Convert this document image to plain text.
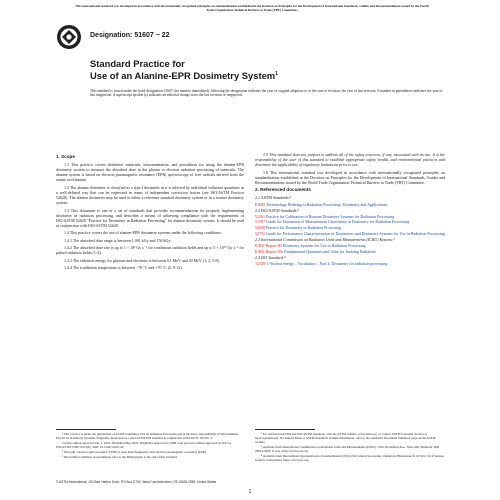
This international standard was developed in accordance with internationally recognized principles on standardization established in the Decision on Principles for the Development of International Standards, Guides and Recommendations issued by the World Trade Organization Technical Barriers to Trade (TBT) Committee.
Designation: 51607 − 22
Standard Practice for
Use of an Alanine-EPR Dosimetry System$^1$
This standard is issued under the fixed designation 51607; the number immediately following the designation indicates the year of original adoption or, in the case of revision, the year of last revision. A number in parentheses indicates the year of last reapproval. A superscript epsilon (ε) indicates an editorial change since the last revision or reapproval.
1. Scope

1.1 This practice covers dosimeter materials, instrumentation, and procedures for using the alanine-EPR dosimetry system to measure the absorbed dose in the photon or electron radiation processing of materials. The alanine system is based on electron paramagnetic resonance (EPR) spectroscopy of free radicals derived from the amino acid alanine.

1.2 The alanine dosimeter is classified as a type I dosimeter as it is affected by individual influence quantities in a well-defined way that can be expressed in terms of independent correction factors (see ISO/ASTM Practice 52628). The alanine dosimeter may be used in either a reference standard dosimetry system or in a routine dosimetry system.

1.3 This document is one of a set of standards that provides recommendations for properly implementing dosimetry in radiation processing, and describes a means of achieving compliance with the requirements of ISO/ASTM 52628 "Practice for Dosimetry in Radiation Processing" for alanine dosimetry system. It should be read in conjunction with ISO/ASTM 52628.

1.4 This practice covers the use of alanine-EPR dosimetry systems under the following conditions:

1.4.1 The absorbed dose range is between 1.001 kGy and 150 kGy.

1.4.2 The absorbed dose rate is up to 1 × 10² Gy s⁻¹ for continuous radiation fields and up to 5 × 10¹⁰ Gy s⁻¹ for pulsed radiation fields (1-4).

1.4.3 The radiation energy for photons and electrons is between 0.1 MeV and 30 MeV (1, 2, 5-8).

1.4.4 The irradiation temperature is between −78 °C and +70 °C (2, 9-12).

1.5 This standard does not purport to address all of the safety concerns, if any, associated with its use. It is the responsibility of the user of this standard to establish appropriate safety, health, and environmental practices and determine the applicability of regulatory limitations prior to use.

1.6 This international standard was developed in accordance with internationally recognized principles on standardization established in the Decision on Principles for the Development of International Standards, Guides and Recommendations issued by the World Trade Organization Technical Barriers to Trade (TBT) Committee.

2. Referenced documents
2.1 ASTM Standards:²
E3083 Terminology Relating to Radiation Processing: Dosimetry and Applications
2.2 ISO/ASTM Standards:²
51261 Practice for Calibration of Routine Dosimetry Systems for Radiation Processing
51707 Guide for Estimation of Measurement Uncertainty in Dosimetry for Radiation Processing
52628 Practice for Dosimetry in Radiation Processing
52701 Guide for Performance Characterization of Dosimeters and Dosimetry Systems for Use in Radiation Processing
2.3 International Commission on Radiation Units and Measurements (ICRU) Reports:³
ICRU Report 80 Dosimetry Systems for Use in Radiation Processing
ICRU Report 85a Fundamental Quantities and Units for Ionizing Radiation
2.4 ISO Standard:⁴
12749-1 Nuclear energy – Vocabulary – Part 4: Dosimetry for radiation processing

¹ This practice is under the jurisdiction of ASTM Committee E61 on Radiation Processing and is the direct responsibility of Subcommittee E61.02 on Dosimetry Systems. Originally developed as a joint ASTM/ISO standard in conjunction with ISO/TC 85/WG 3.

Current edition approved Jan. 1, 2022. Published May 2024. Originally approved in 1998. Last previous edition approved in 2013 as ISO/ASTM 51607:2013(E). DOI: 10.1520/51607-22.

² The term "electron spin resonance" (ESR) is used interchangeably with electron paramagnetic resonance (EPR).

³ The boldface numbers in parentheses refer to the bibliography at the end of this standard.

² For referenced ASTM and ISO/ASTM standards, visit the ASTM website, www.astm.org, or contact ASTM Customer Service at service@astm.org. For Annual Book of ASTM Standards volume information, refer to the standard's Document Summary page on the ASTM website.

³ Available from International Commission on Radiation Units and Measurements (ICRU), 7910 Woodmont Ave., Suite 400, Bethesda, MD 20814-3095, U.S.A., http://www.icru.org.

⁴ Available from International Organization for Standardization (ISO), ISO Central Secretariat, Chemin de Blandonnet 8, CP 401, 1214 Vernier, Geneva, Switzerland, https://www.iso.org.

© ASTM International, 100 Barr Harbor Drive, PO Box C700, West Conshohocken, PA 19428-2959. United States
1
